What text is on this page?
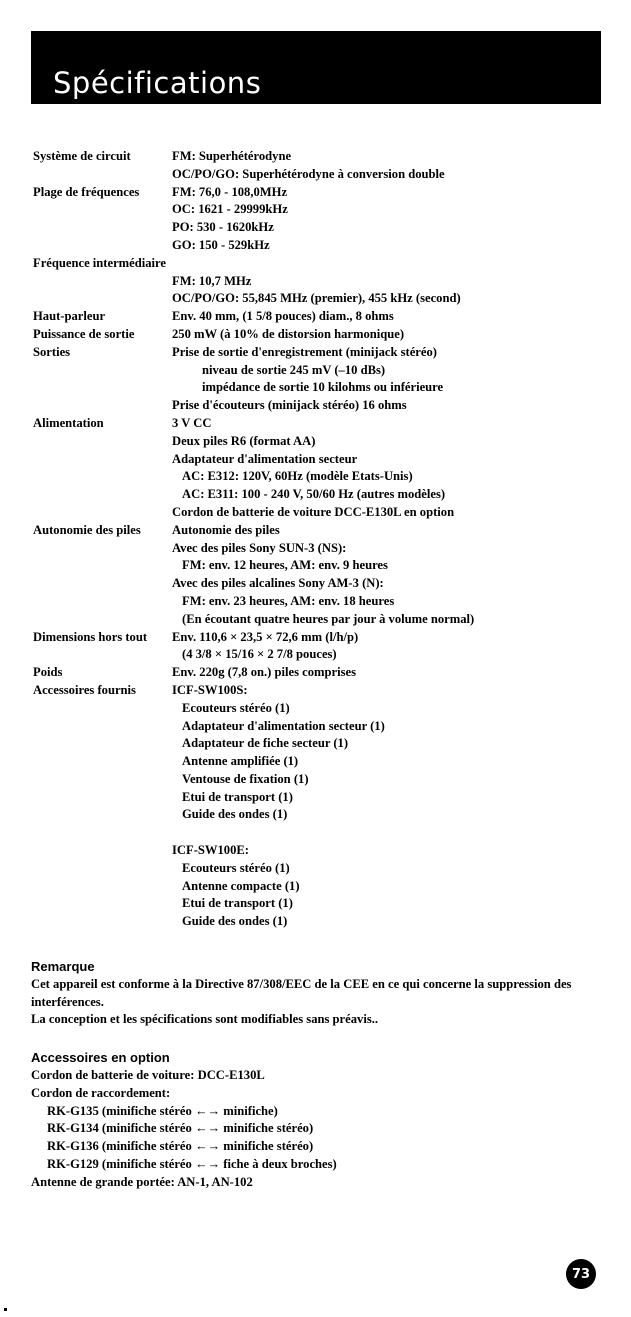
Spécifications
Système de circuit	FM: Superhétérodyne
OC/PO/GO: Superhétérodyne à conversion double
Plage de fréquences	FM: 76,0 - 108,0MHz
OC: 1621 - 29999kHz
PO: 530 - 1620kHz
GO: 150 - 529kHz
Fréquence intermédiaire
FM: 10,7 MHz
OC/PO/GO: 55,845 MHz (premier), 455 kHz (second)
Haut-parleur	Env. 40 mm, (1 5/8 pouces) diam., 8 ohms
Puissance de sortie	250 mW (à 10% de distorsion harmonique)
Sorties	Prise de sortie d'enregistrement (minijack stéréo)
niveau de sortie 245 mV (–10 dBs)
impédance de sortie 10 kilohms ou inférieure
Prise d'écouteurs (minijack stéréo) 16 ohms
Alimentation	3 V CC
Deux piles R6 (format AA)
Adaptateur d'alimentation secteur
AC: E312: 120V, 60Hz (modèle Etats-Unis)
AC: E311: 100 - 240 V, 50/60 Hz (autres modèles)
Cordon de batterie de voiture DCC-E130L en option
Autonomie des piles	Autonomie des piles
Avec des piles Sony SUN-3 (NS):
FM: env. 12 heures, AM: env. 9 heures
Avec des piles alcalines Sony AM-3 (N):
FM: env. 23 heures, AM: env. 18 heures
(En écoutant quatre heures par jour à volume normal)
Dimensions hors tout	Env. 110,6 × 23,5 × 72,6 mm (l/h/p)
(4 3/8 × 15/16 × 2 7/8 pouces)
Poids	Env. 220g (7,8 on.) piles comprises
Accessoires fournis	ICF-SW100S:
Ecouteurs stéréo (1)
Adaptateur d'alimentation secteur (1)
Adaptateur de fiche secteur (1)
Antenne amplifiée (1)
Ventouse de fixation (1)
Etui de transport (1)
Guide des ondes (1)
ICF-SW100E:
Ecouteurs stéréo (1)
Antenne compacte (1)
Etui de transport (1)
Guide des ondes (1)
Remarque

Cet appareil est conforme à la Directive 87/308/EEC de la CEE en ce qui concerne la suppression des interférences.

La conception et les spécifications sont modifiables sans préavis..

Accessoires en option
Cordon de batterie de voiture: DCC-E130L
Cordon de raccordement:
RK-G135 (minifiche stéréo ←→ minifiche)
RK-G134 (minifiche stéréo ←→ minifiche stéréo)
RK-G136 (minifiche stéréo ←→ minifiche stéréo)
RK-G129 (minifiche stéréo ←→ fiche à deux broches)
Antenne de grande portée: AN-1, AN-102
73
